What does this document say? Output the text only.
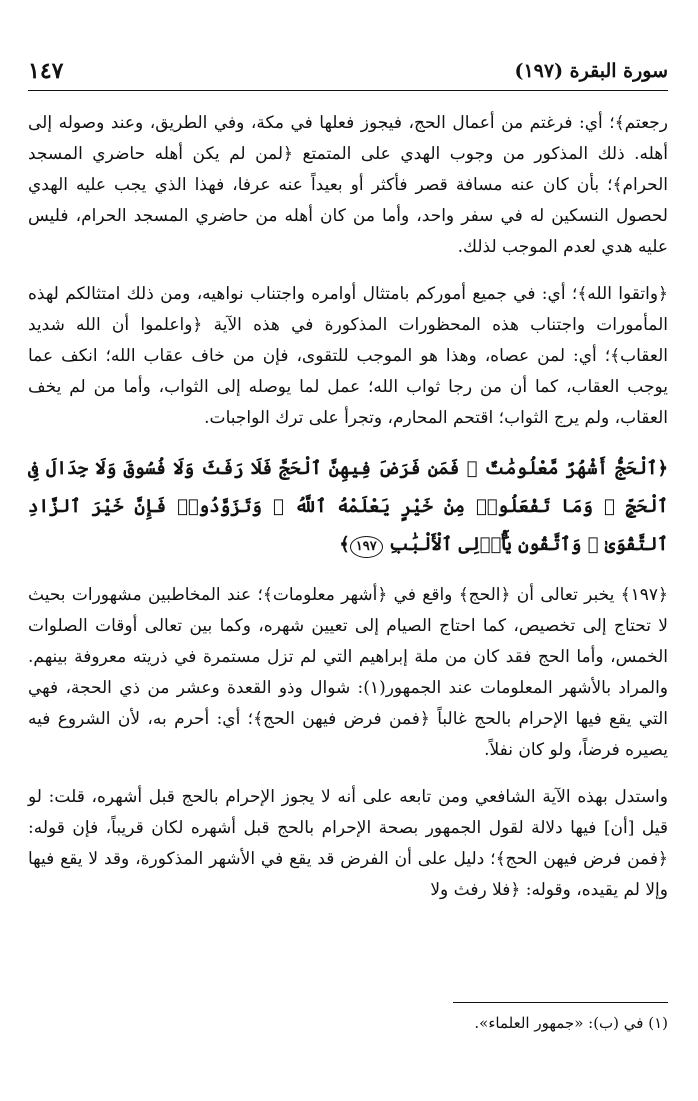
سورة البقرة (١٩٧)
١٤٧

رجعتم﴾؛ أي: فرغتم من أعمال الحج، فيجوز فعلها في مكة، وفي الطريق، وعند وصوله إلى أهله. ذلك المذكور من وجوب الهدي على المتمتع ﴿لمن لم يكن أهله حاضري المسجد الحرام﴾؛ بأن كان عنه مسافة قصر فأكثر أو بعيداً عنه عرفا، فهذا الذي يجب عليه الهدي لحصول النسكين له في سفر واحد، وأما من كان أهله من حاضري المسجد الحرام، فليس عليه هدي لعدم الموجب لذلك.

﴿واتقوا الله﴾؛ أي: في جميع أموركم بامتثال أوامره واجتناب نواهيه، ومن ذلك امتثالكم لهذه المأمورات واجتناب هذه المحظورات المذكورة في هذه الآية ﴿واعلموا أن الله شديد العقاب﴾؛ أي: لمن عصاه، وهذا هو الموجب للتقوى، فإن من خاف عقاب الله؛ انكف عما يوجب العقاب، كما أن من رجا ثواب الله؛ عمل لما يوصله إلى الثواب، وأما من لم يخف العقاب، ولم يرج الثواب؛ اقتحم المحارم، وتجرأ على ترك الواجبات.

﴿ٱلْحَجُّ أَشْهُرٌ مَّعْلُومَٰتٌ ۚ فَمَن فَرَضَ فِيهِنَّ ٱلْحَجَّ فَلَا رَفَثَ وَلَا فُسُوقَ وَلَا جِدَالَ فِى ٱلْحَجِّ ۗ وَمَا تَفْعَلُوا۟ مِنْ خَيْرٍ يَعْلَمْهُ ٱللَّهُ ۗ وَتَزَوَّدُوا۟ فَإِنَّ خَيْرَ ٱلزَّادِ ٱلتَّقْوَىٰ ۚ وَٱتَّقُونِ يَٰٓأُو۟لِى ٱلْأَلْبَٰبِ ١٩٧﴾

﴿١٩٧﴾ يخبر تعالى أن ﴿الحج﴾ واقع في ﴿أشهر معلومات﴾؛ عند المخاطبين مشهورات بحيث لا تحتاج إلى تخصيص، كما احتاج الصيام إلى تعيين شهره، وكما بين تعالى أوقات الصلوات الخمس، وأما الحج فقد كان من ملة إبراهيم التي لم تزل مستمرة في ذريته معروفة بينهم. والمراد بالأشهر المعلومات عند الجمهور(١): شوال وذو القعدة وعشر من ذي الحجة، فهي التي يقع فيها الإحرام بالحج غالباً ﴿فمن فرض فيهن الحج﴾؛ أي: أحرم به، لأن الشروع فيه يصيره فرضاً، ولو كان نفلاً.

واستدل بهذه الآية الشافعي ومن تابعه على أنه لا يجوز الإحرام بالحج قبل أشهره، قلت: لو قيل [أن] فيها دلالة لقول الجمهور بصحة الإحرام بالحج قبل أشهره لكان قريباً، فإن قوله: ﴿فمن فرض فيهن الحج﴾؛ دليل على أن الفرض قد يقع في الأشهر المذكورة، وقد لا يقع فيها وإلا لم يقيده، وقوله: ﴿فلا رفث ولا

(١) في (ب): «جمهور العلماء».
